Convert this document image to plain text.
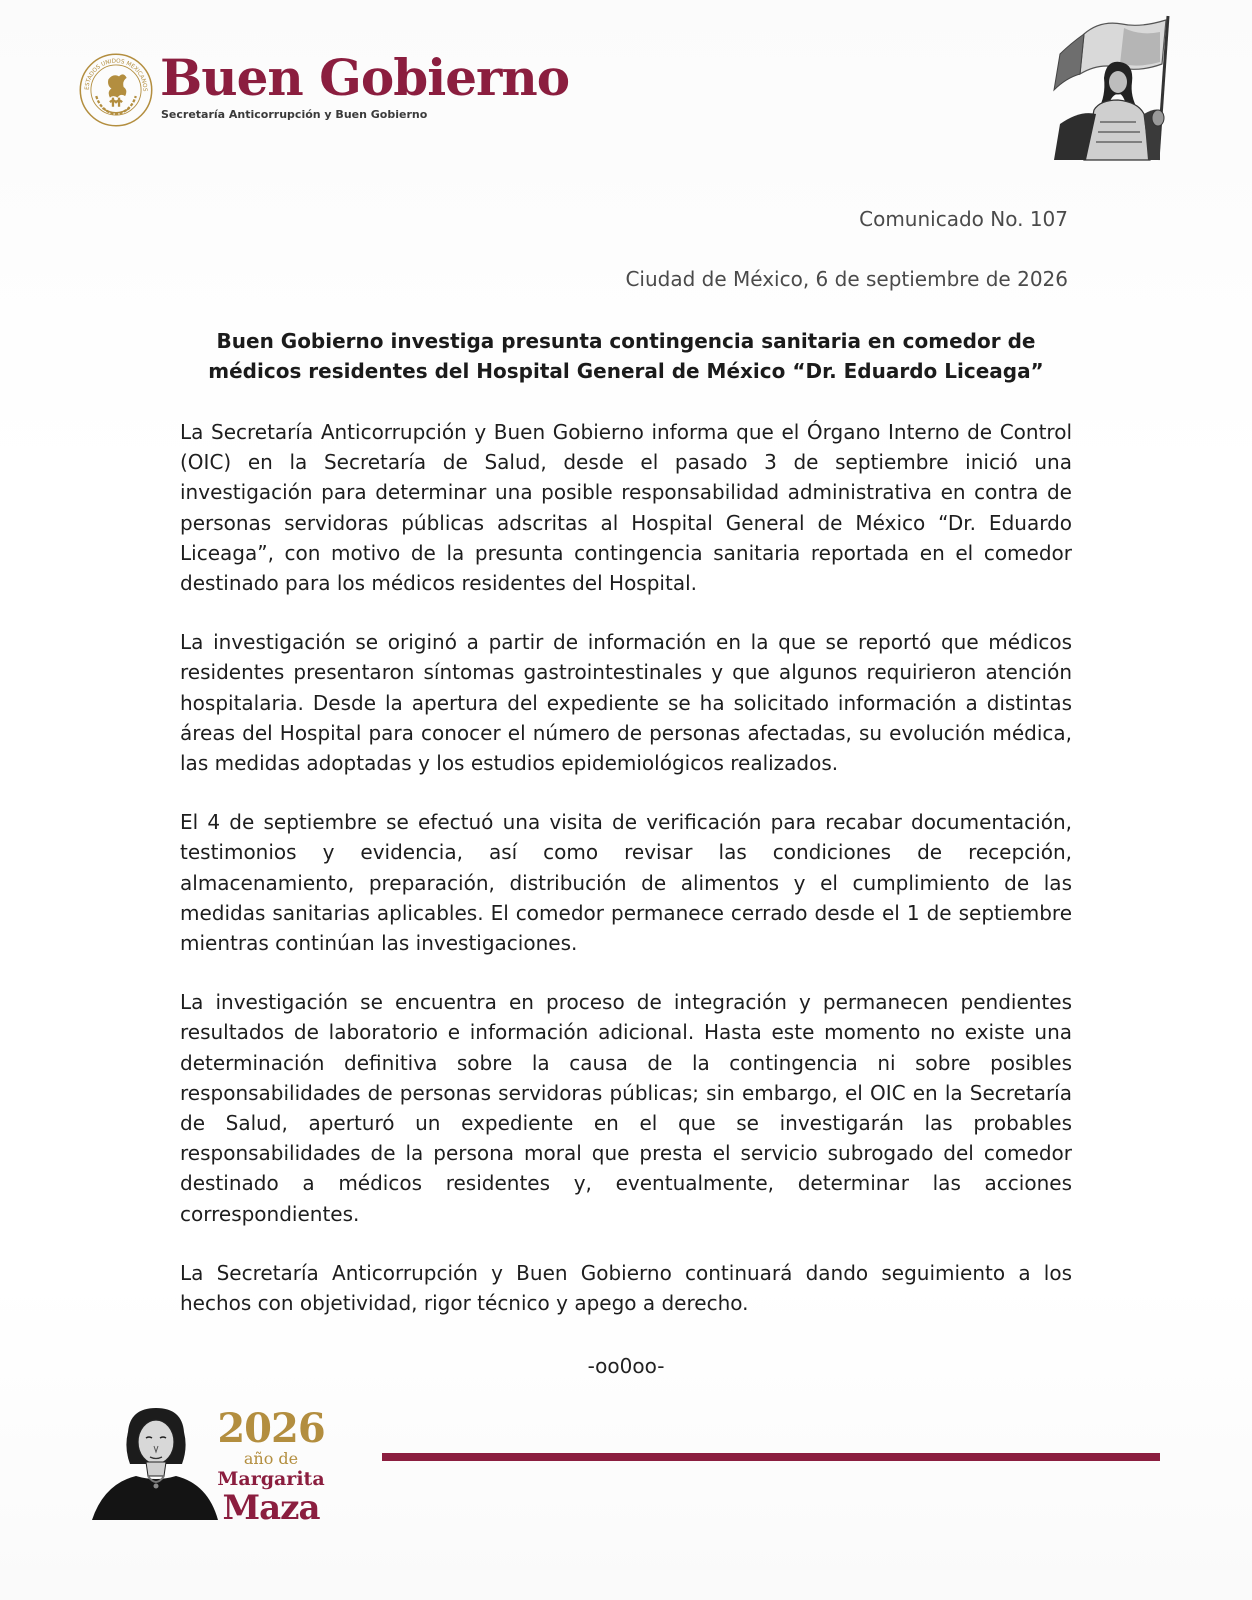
ESTADOS UNIDOS MEXICANOS Buen Gobierno
Secretaría Anticorrupción y Buen Gobierno
Comunicado No. 107
Ciudad de México, 6 de septiembre de 2026
Buen Gobierno investiga presunta contingencia sanitaria en comedor de médicos residentes del Hospital General de México “Dr. Eduardo Liceaga”

La Secretaría Anticorrupción y Buen Gobierno informa que el Órgano Interno de Control (OIC) en la Secretaría de Salud, desde el pasado 3 de septiembre inició una investigación para determinar una posible responsabilidad administrativa en contra de personas servidoras públicas adscritas al Hospital General de México “Dr. Eduardo Liceaga”, con motivo de la presunta contingencia sanitaria reportada en el comedor destinado para los médicos residentes del Hospital.

La investigación se originó a partir de información en la que se reportó que médicos residentes presentaron síntomas gastrointestinales y que algunos requirieron atención hospitalaria. Desde la apertura del expediente se ha solicitado información a distintas áreas del Hospital para conocer el número de personas afectadas, su evolución médica, las medidas adoptadas y los estudios epidemiológicos realizados.

El 4 de septiembre se efectuó una visita de verificación para recabar documentación, testimonios y evidencia, así como revisar las condiciones de recepción, almacenamiento, preparación, distribución de alimentos y el cumplimiento de las medidas sanitarias aplicables. El comedor permanece cerrado desde el 1 de septiembre mientras continúan las investigaciones.

La investigación se encuentra en proceso de integración y permanecen pendientes resultados de laboratorio e información adicional. Hasta este momento no existe una determinación definitiva sobre la causa de la contingencia ni sobre posibles responsabilidades de personas servidoras públicas; sin embargo, el OIC en la Secretaría de Salud, aperturó un expediente en el que se investigarán las probables responsabilidades de la persona moral que presta el servicio subrogado del comedor destinado a médicos residentes y, eventualmente, determinar las acciones correspondientes.

La Secretaría Anticorrupción y Buen Gobierno continuará dando seguimiento a los hechos con objetividad, rigor técnico y apego a derecho.

-oo0oo-
2026
año de
Margarita
Maza
